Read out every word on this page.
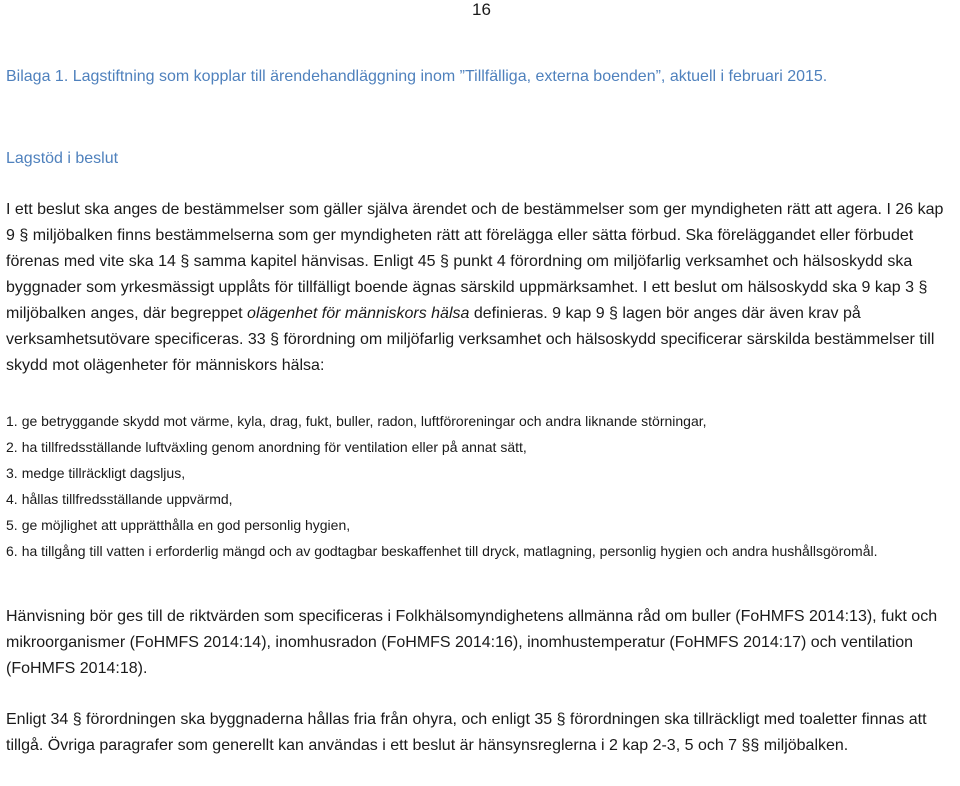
16
Bilaga 1. Lagstiftning som kopplar till ärendehandläggning inom ”Tillfälliga, externa boenden”, aktuell i februari 2015.
Lagstöd i beslut
I ett beslut ska anges de bestämmelser som gäller själva ärendet och de bestämmelser som ger myndigheten rätt att agera. I 26 kap 9 § miljöbalken finns bestämmelserna som ger myndigheten rätt att förelägga eller sätta förbud. Ska föreläggandet eller förbudet förenas med vite ska 14 § samma kapitel hänvisas. Enligt 45 § punkt 4 förordning om miljöfarlig verksamhet och hälsoskydd ska byggnader som yrkesmässigt upplåts för tillfälligt boende ägnas särskild uppmärksamhet. I ett beslut om hälsoskydd ska 9 kap 3 § miljöbalken anges, där begreppet olägenhet för människors hälsa definieras. 9 kap 9 § lagen bör anges där även krav på verksamhetsutövare specificeras. 33 § förordning om miljöfarlig verksamhet och hälsoskydd specificerar särskilda bestämmelser till skydd mot olägenheter för människors hälsa:
1. ge betryggande skydd mot värme, kyla, drag, fukt, buller, radon, luftföroreningar och andra liknande störningar,
2. ha tillfredsställande luftväxling genom anordning för ventilation eller på annat sätt,
3. medge tillräckligt dagsljus,
4. hållas tillfredsställande uppvärmd,
5. ge möjlighet att upprätthålla en god personlig hygien,
6. ha tillgång till vatten i erforderlig mängd och av godtagbar beskaffenhet till dryck, matlagning, personlig hygien och andra hushållsgöromål.
Hänvisning bör ges till de riktvärden som specificeras i Folkhälsomyndighetens allmänna råd om buller (FoHMFS 2014:13), fukt och mikroorganismer (FoHMFS 2014:14), inomhusradon (FoHMFS 2014:16), inomhustemperatur (FoHMFS 2014:17) och ventilation (FoHMFS 2014:18).
Enligt 34 § förordningen ska byggnaderna hållas fria från ohyra, och enligt 35 § förordningen ska tillräckligt med toaletter finnas att tillgå. Övriga paragrafer som generellt kan användas i ett beslut är hänsynsreglerna i 2 kap 2-3, 5 och 7 §§ miljöbalken.
